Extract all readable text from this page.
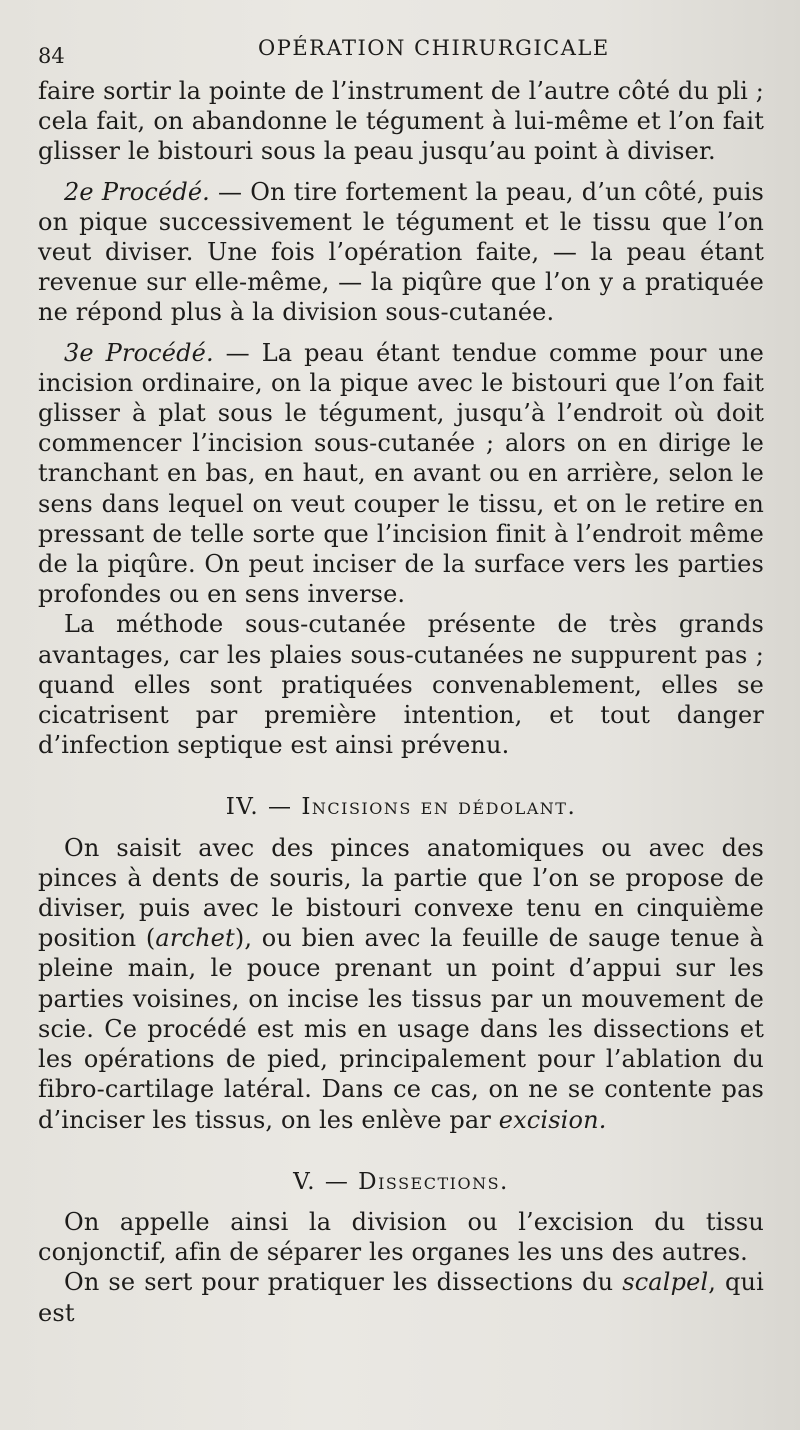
84	OPÉRATION CHIRURGICALE

faire sortir la pointe de l’instrument de l’autre côté du pli ; cela fait, on abandonne le tégument à lui-même et l’on fait glisser le bistouri sous la peau jusqu’au point à diviser.

2e Procédé. — On tire fortement la peau, d’un côté, puis on pique successivement le tégument et le tissu que l’on veut diviser. Une fois l’opération faite, — la peau étant revenue sur elle-même, — la piqûre que l’on y a pratiquée ne répond plus à la division sous-cutanée.

3e Procédé. — La peau étant tendue comme pour une incision ordinaire, on la pique avec le bistouri que l’on fait glisser à plat sous le tégument, jusqu’à l’endroit où doit commencer l’incision sous-cutanée ; alors on en dirige le tranchant en bas, en haut, en avant ou en arrière, selon le sens dans lequel on veut couper le tissu, et on le retire en pressant de telle sorte que l’incision finit à l’endroit même de la piqûre. On peut inciser de la surface vers les parties profondes ou en sens inverse.

La méthode sous-cutanée présente de très grands avantages, car les plaies sous-cutanées ne suppurent pas ; quand elles sont pratiquées convenablement, elles se cicatrisent par première intention, et tout danger d’infection septique est ainsi prévenu.

IV. — Incisions en dédolant.

On saisit avec des pinces anatomiques ou avec des pinces à dents de souris, la partie que l’on se propose de diviser, puis avec le bistouri convexe tenu en cinquième position (archet), ou bien avec la feuille de sauge tenue à pleine main, le pouce prenant un point d’appui sur les parties voisines, on incise les tissus par un mouvement de scie. Ce procédé est mis en usage dans les dissections et les opérations de pied, principalement pour l’ablation du fibro-cartilage latéral. Dans ce cas, on ne se contente pas d’inciser les tissus, on les enlève par excision.

V. — Dissections.

On appelle ainsi la division ou l’excision du tissu conjonctif, afin de séparer les organes les uns des autres.

On se sert pour pratiquer les dissections du scalpel, qui est
